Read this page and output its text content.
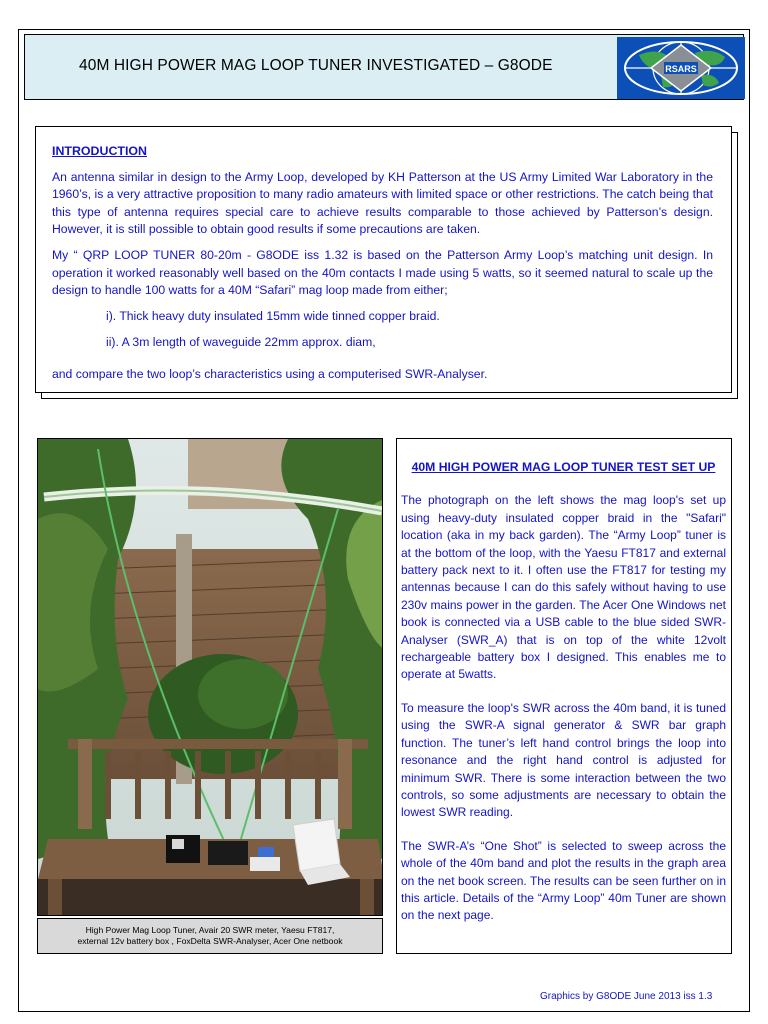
40M HIGH POWER MAG LOOP TUNER INVESTIGATED – G8ODE	RSARS
INTRODUCTION

An antenna similar in design to the Army Loop, developed by KH Patterson at the US Army Limited War Laboratory in the 1960’s, is a very attractive proposition to many radio amateurs with limited space or other restrictions. The catch being that this type of antenna requires special care to achieve results comparable to those achieved by Patterson’s design. However, it is still possible to obtain good results if some precautions are taken.

My “ QRP LOOP TUNER 80-20m - G8ODE iss 1.32 is based on the Patterson Army Loop’s matching unit design. In operation it worked reasonably well based on the 40m contacts I made using 5 watts, so it seemed natural to scale up the design to handle 100 watts for a 40M “Safari” mag loop made from either;

i). Thick heavy duty insulated 15mm wide tinned copper braid.

ii). A 3m length of waveguide 22mm approx. diam,

and compare the two loop’s characteristics using a computerised SWR-Analyser.

High Power Mag Loop Tuner, Avair 20 SWR meter, Yaesu FT817,
external 12v battery box , FoxDelta SWR-Analyser, Acer One netbook
40M HIGH POWER MAG LOOP TUNER TEST SET UP

The photograph on the left shows the mag loop's set up using heavy-duty insulated copper braid in the "Safari" location (aka in my back garden). The “Army Loop” tuner is at the bottom of the loop, with the Yaesu FT817 and external battery pack next to it. I often use the FT817 for testing my antennas because I can do this safely without having to use 230v mains power in the garden. The Acer One Windows net book is connected via a USB cable to the blue sided SWR-Analyser (SWR_A) that is on top of the white 12volt rechargeable battery box I designed. This enables me to operate at 5watts.

To measure the loop's SWR across the 40m band, it is tuned using the SWR-A signal generator & SWR bar graph function. The tuner’s left hand control brings the loop into resonance and the right hand control is adjusted for minimum SWR. There is some interaction between the two controls, so some adjustments are necessary to obtain the lowest SWR reading.

The SWR-A’s “One Shot” is selected to sweep across the whole of the 40m band and plot the results in the graph area on the net book screen. The results can be seen further on in this article. Details of the “Army Loop” 40m Tuner are shown on the next page.

Graphics by G8ODE June 2013 iss 1.3
